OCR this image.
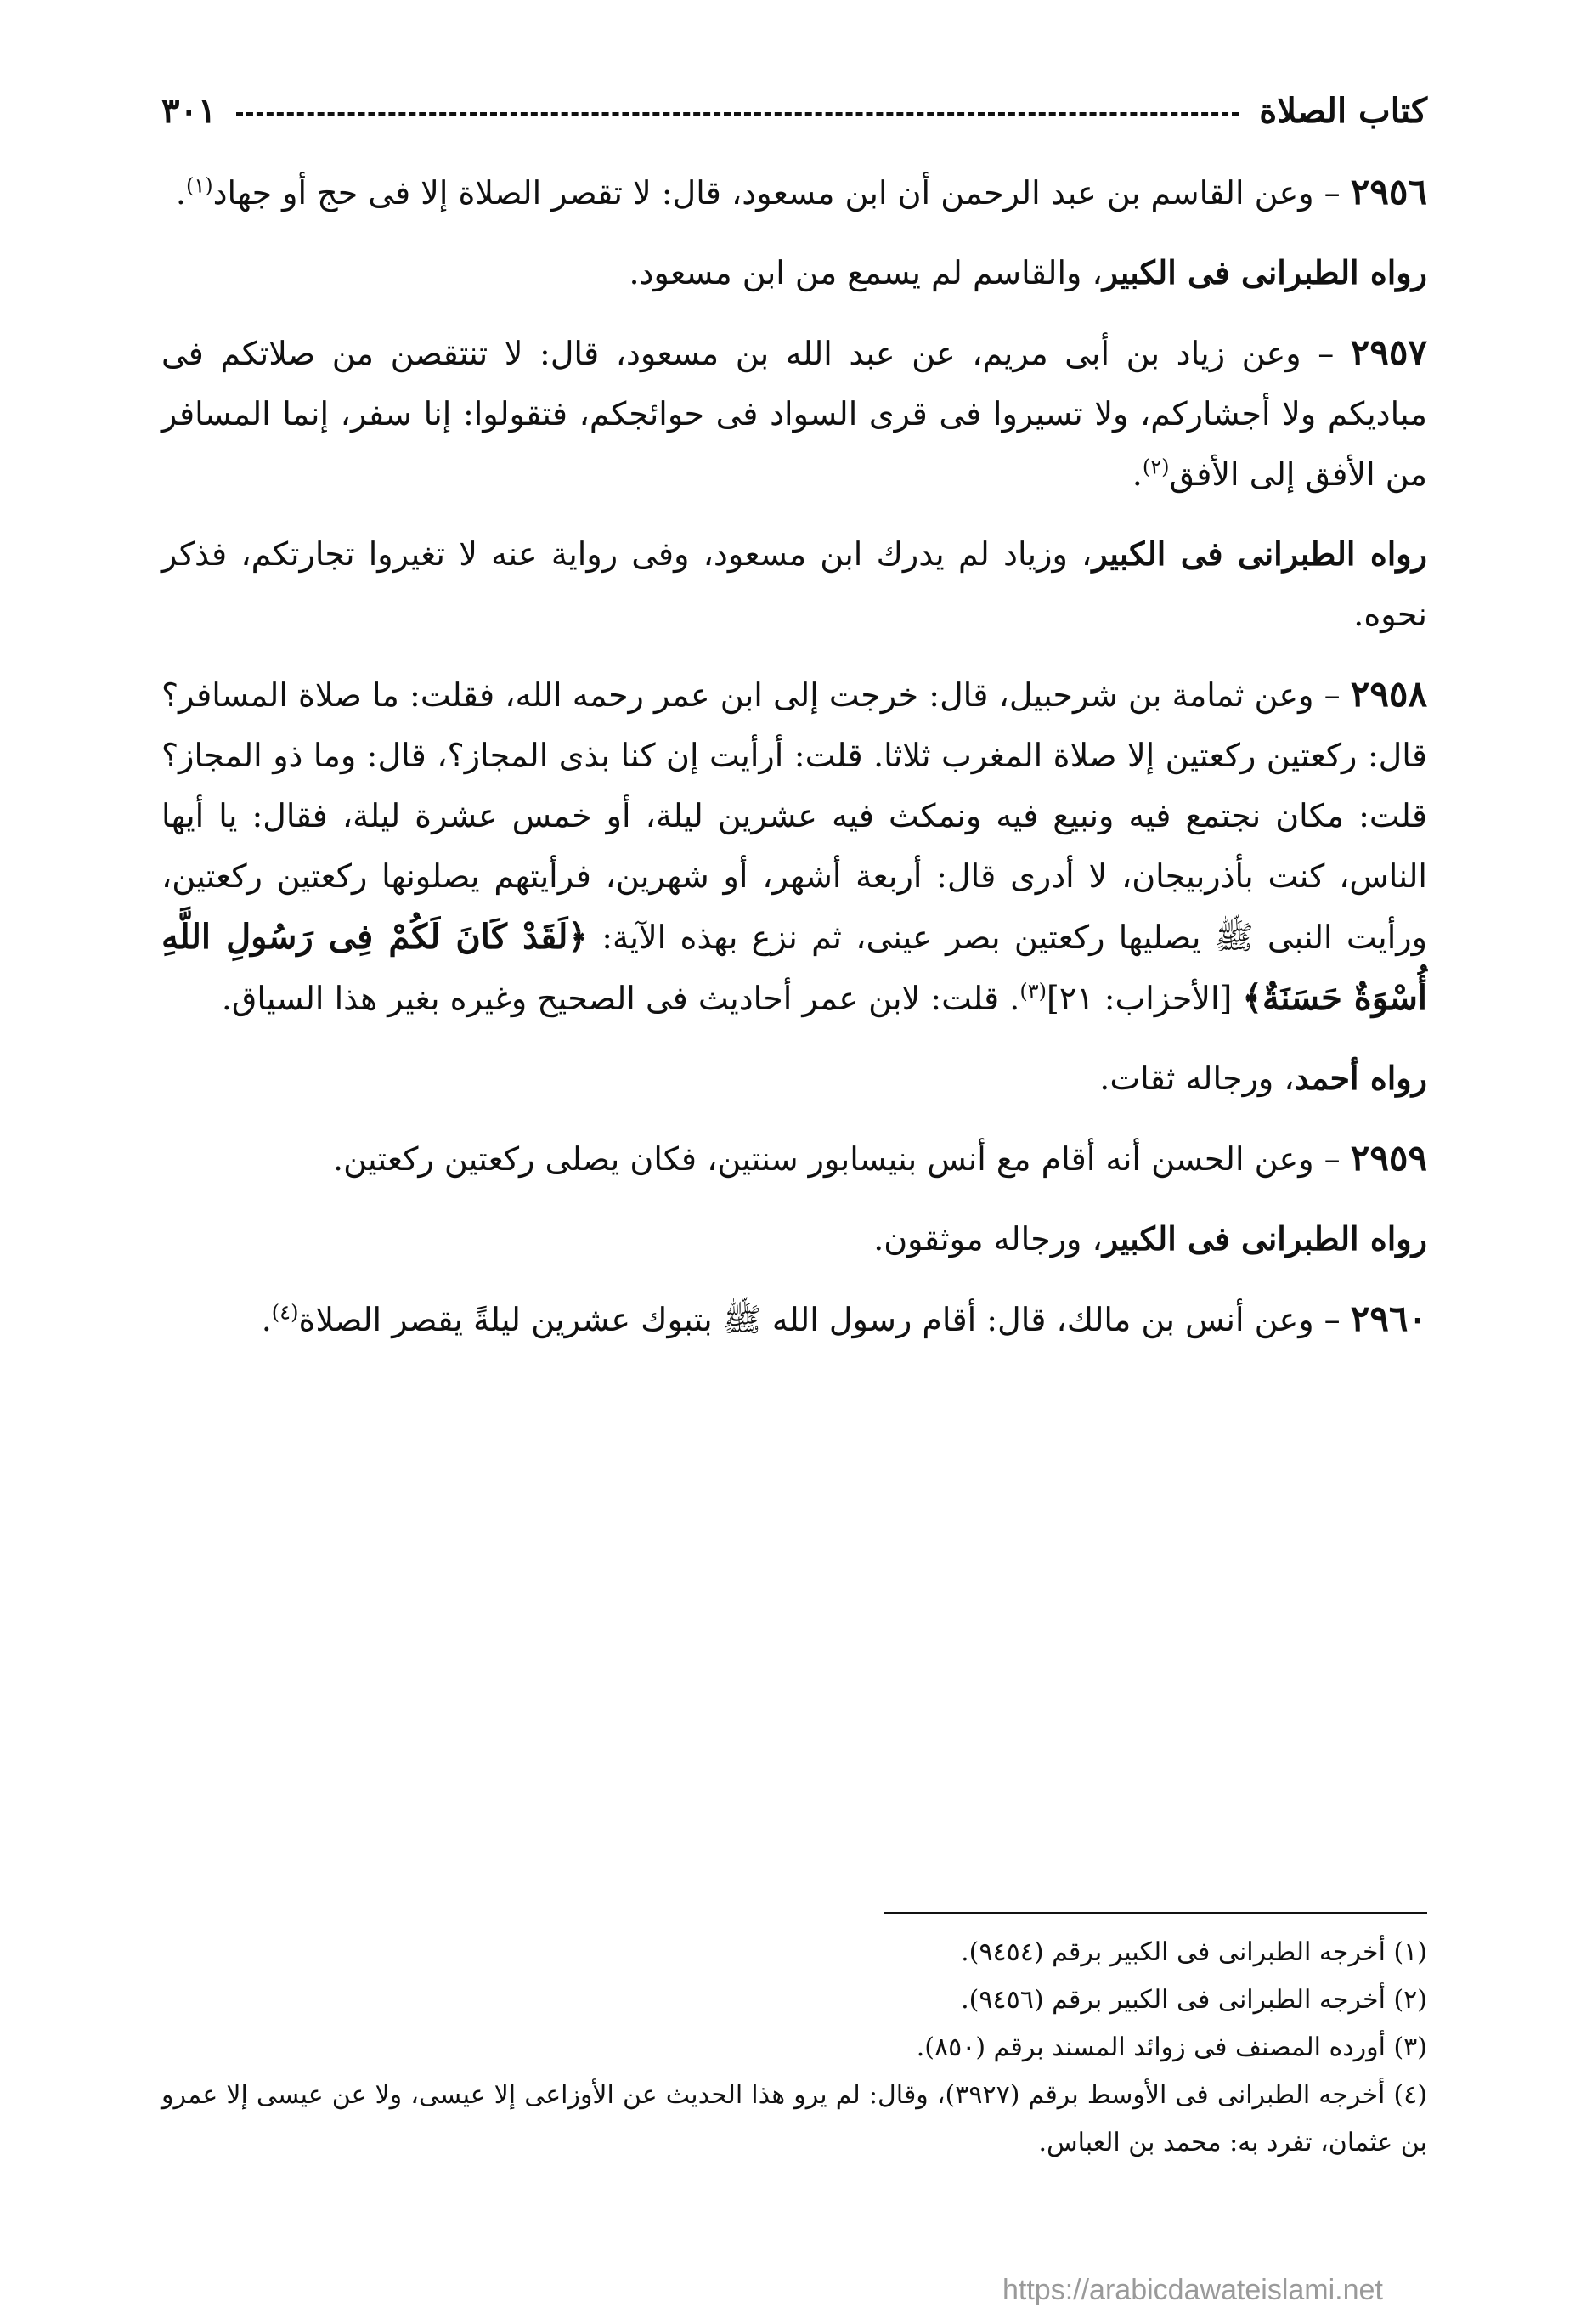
كتاب الصلاة
٣٠١

٢٩٥٦ – وعن القاسم بن عبد الرحمن أن ابن مسعود، قال: لا تقصر الصلاة إلا فى حج أو جهاد$^{(١)}$.

رواه الطبرانى فى الكبير، والقاسم لم يسمع من ابن مسعود.

٢٩٥٧ – وعن زياد بن أبى مريم، عن عبد الله بن مسعود، قال: لا تنتقصن من صلاتكم فى مباديكم ولا أجشاركم، ولا تسيروا فى قرى السواد فى حوائجكم، فتقولوا: إنا سفر، إنما المسافر من الأفق إلى الأفق$^{(٢)}$.

رواه الطبرانى فى الكبير، وزياد لم يدرك ابن مسعود، وفى رواية عنه لا تغيروا تجارتكم، فذكر نحوه.

٢٩٥٨ – وعن ثمامة بن شرحبيل، قال: خرجت إلى ابن عمر رحمه الله، فقلت: ما صلاة المسافر؟ قال: ركعتين ركعتين إلا صلاة المغرب ثلاثا. قلت: أرأيت إن كنا بذى المجاز؟، قال: وما ذو المجاز؟ قلت: مكان نجتمع فيه ونبيع فيه ونمكث فيه عشرين ليلة، أو خمس عشرة ليلة، فقال: يا أيها الناس، كنت بأذربيجان، لا أدرى قال: أربعة أشهر، أو شهرين، فرأيتهم يصلونها ركعتين ركعتين، ورأيت النبى ﷺ يصليها ركعتين بصر عينى، ثم نزع بهذه الآية: ﴿لَقَدْ كَانَ لَكُمْ فِى رَسُولِ اللَّهِ أُسْوَةٌ حَسَنَةٌ﴾ [الأحزاب: ٢١]$^{(٣)}$. قلت: لابن عمر أحاديث فى الصحيح وغيره بغير هذا السياق.

رواه أحمد، ورجاله ثقات.

٢٩٥٩ – وعن الحسن أنه أقام مع أنس بنيسابور سنتين، فكان يصلى ركعتين ركعتين.

رواه الطبرانى فى الكبير، ورجاله موثقون.

٢٩٦٠ – وعن أنس بن مالك، قال: أقام رسول الله ﷺ بتبوك عشرين ليلةً يقصر الصلاة$^{(٤)}$.

(١) أخرجه الطبرانى فى الكبير برقم (٩٤٥٤).

(٢) أخرجه الطبرانى فى الكبير برقم (٩٤٥٦).

(٣) أورده المصنف فى زوائد المسند برقم (٨٥٠).

(٤) أخرجه الطبرانى فى الأوسط برقم (٣٩٢٧)، وقال: لم يرو هذا الحديث عن الأوزاعى إلا عيسى، ولا عن عيسى إلا عمرو بن عثمان، تفرد به: محمد بن العباس.

https://arabicdawateislami.net
